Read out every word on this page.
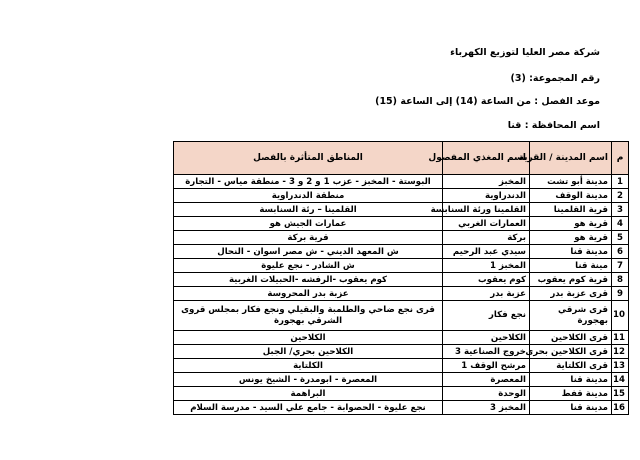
شركة مصر العليا لتوزيع الكهرباء
رقم المجموعة: (3)
موعد الفصل : من الساعة (14) إلى الساعة (15)
اسم المحافظة : قنا
م	اسم المدينة / القرية	اسم المغذي المفصول	المناطق المتأثرة بالفصل
1	مدينة أبو تشت	المخبز	البوستة - المخبز - عزب 1 و 2 و 3 - منطقة مياس - التجارة
2	مدينة الوقف	الدندراوية	منطقة الدندراوية
3	قرية القلمينا	القلمينا ورئة السنابسة	القلمينا – رئة السنابسة
4	قرية هو	العمارات الغربي	عمارات الجيش هو
5	قرية هو	بركة	قرية بركة
6	مدينة قنا	سيدي عبد الرحيم	ش المعهد الديني - ش مصر اسوان - النحال
7	مينة قنا	المخبز 1	ش الشادر - نجع عليوة
8	قرية كوم يعقوب	كوم يعقوب	كوم يعقوب -الرفشه -الحبيلات الغربية
9	قرى عزبة بدر	عزبة بدر	عزبة بدر المحروسة
10	قرى شرقي بهجورة	نجع فكار	قرى نجع ضاحي والطلمبة والبقيلي ونجع فكار بمجلس قروى الشرقي بهجورة
11	قرى الكلاحين	الكلاحين	الكلاحين
12	قرى الكلاحين بحرى	خروج الصناعية 3	الكلاحين بحري/ الجبل
13	قرى الكلتاية	مرشح الوقف 1	الكلتاية
14	مدينة قنا	المعصرة	المعصرة - ابومدرة - الشيخ يونس
15	مدينة قفط	الوحدة	البراهمة
16	مدينة قنا	المخبز 3	نجع عليوة - الحصوابة - جامع علي السيد - مدرسة السلام
